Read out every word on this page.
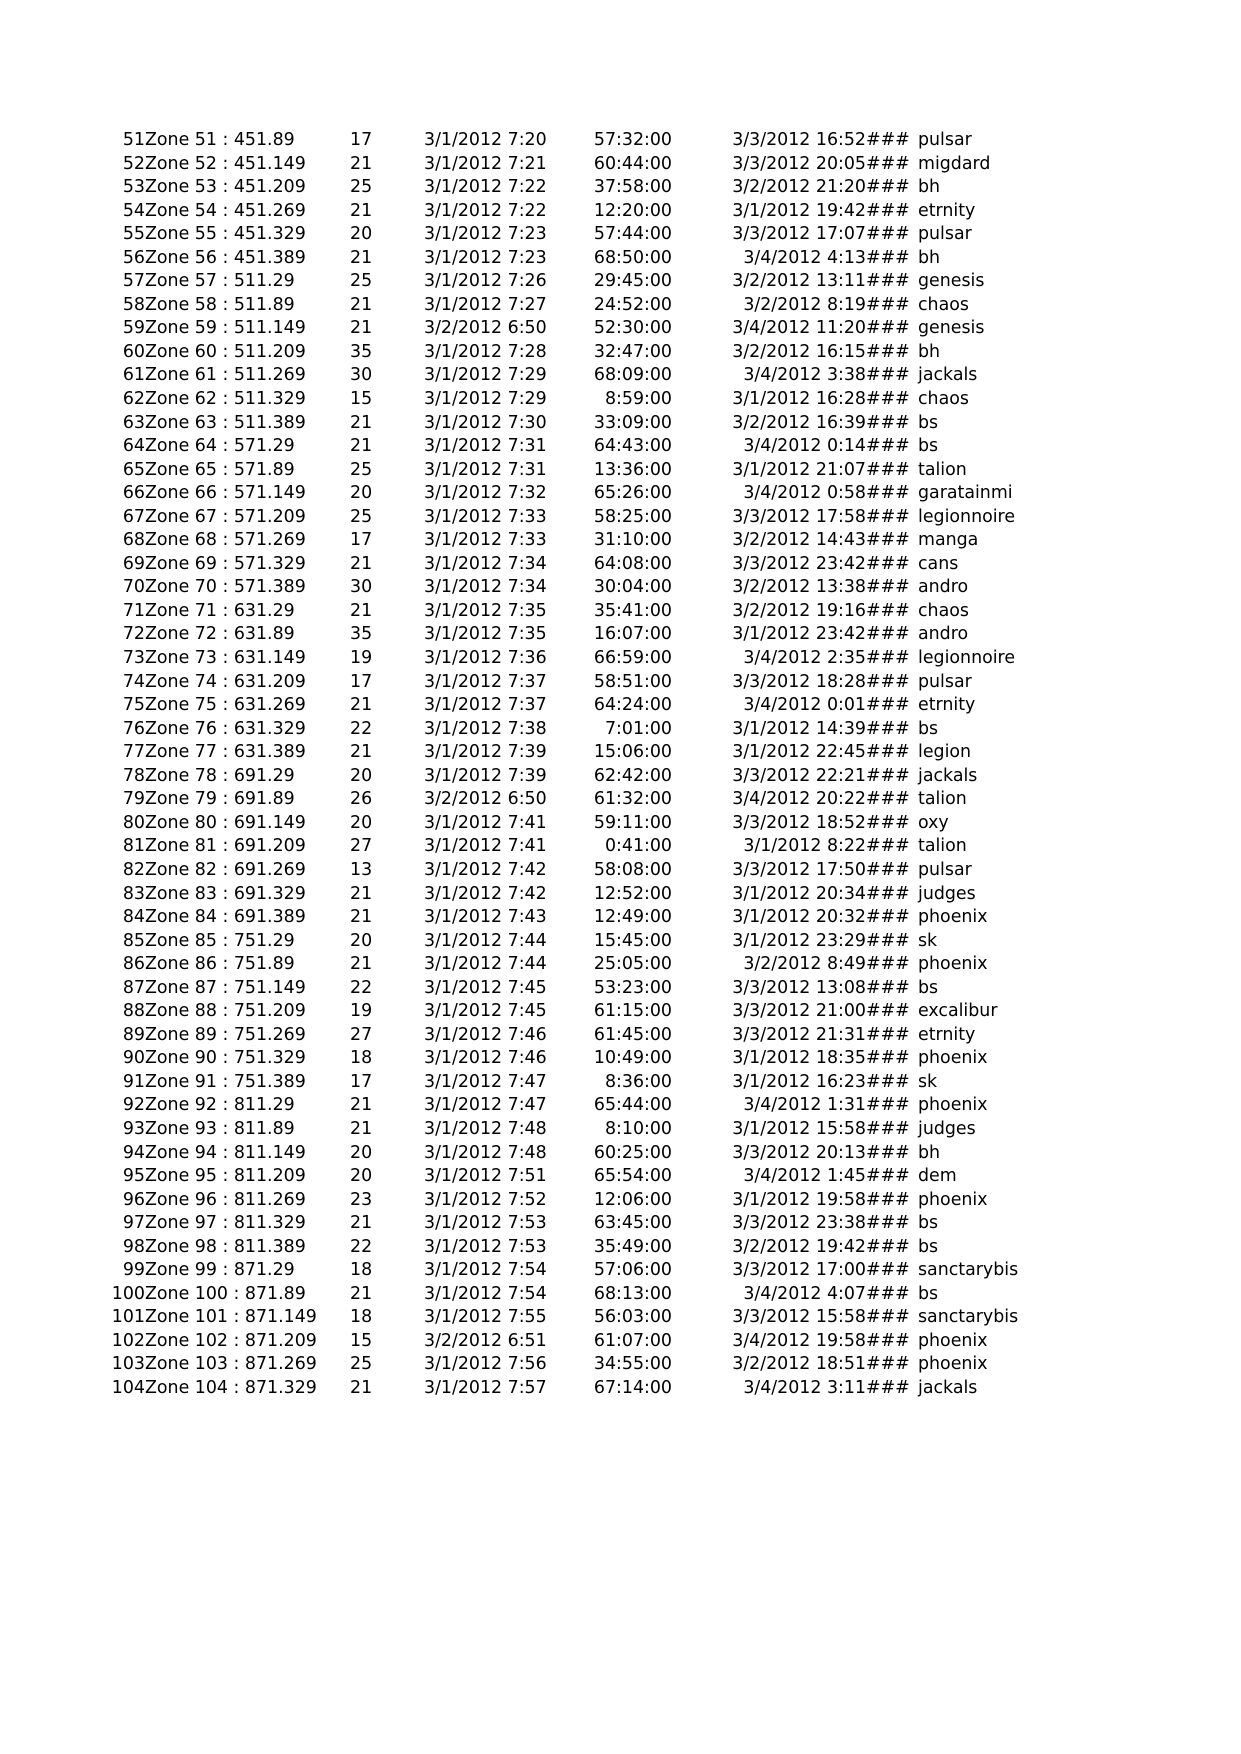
51	Zone 51 : 451.89	17	3/1/2012 7:20	57:32:00	3/3/2012 16:52	###	pulsar
52	Zone 52 : 451.149	21	3/1/2012 7:21	60:44:00	3/3/2012 20:05	###	migdard
53	Zone 53 : 451.209	25	3/1/2012 7:22	37:58:00	3/2/2012 21:20	###	bh
54	Zone 54 : 451.269	21	3/1/2012 7:22	12:20:00	3/1/2012 19:42	###	etrnity
55	Zone 55 : 451.329	20	3/1/2012 7:23	57:44:00	3/3/2012 17:07	###	pulsar
56	Zone 56 : 451.389	21	3/1/2012 7:23	68:50:00	3/4/2012 4:13	###	bh
57	Zone 57 : 511.29	25	3/1/2012 7:26	29:45:00	3/2/2012 13:11	###	genesis
58	Zone 58 : 511.89	21	3/1/2012 7:27	24:52:00	3/2/2012 8:19	###	chaos
59	Zone 59 : 511.149	21	3/2/2012 6:50	52:30:00	3/4/2012 11:20	###	genesis
60	Zone 60 : 511.209	35	3/1/2012 7:28	32:47:00	3/2/2012 16:15	###	bh
61	Zone 61 : 511.269	30	3/1/2012 7:29	68:09:00	3/4/2012 3:38	###	jackals
62	Zone 62 : 511.329	15	3/1/2012 7:29	8:59:00	3/1/2012 16:28	###	chaos
63	Zone 63 : 511.389	21	3/1/2012 7:30	33:09:00	3/2/2012 16:39	###	bs
64	Zone 64 : 571.29	21	3/1/2012 7:31	64:43:00	3/4/2012 0:14	###	bs
65	Zone 65 : 571.89	25	3/1/2012 7:31	13:36:00	3/1/2012 21:07	###	talion
66	Zone 66 : 571.149	20	3/1/2012 7:32	65:26:00	3/4/2012 0:58	###	garatainmi
67	Zone 67 : 571.209	25	3/1/2012 7:33	58:25:00	3/3/2012 17:58	###	legionnoire
68	Zone 68 : 571.269	17	3/1/2012 7:33	31:10:00	3/2/2012 14:43	###	manga
69	Zone 69 : 571.329	21	3/1/2012 7:34	64:08:00	3/3/2012 23:42	###	cans
70	Zone 70 : 571.389	30	3/1/2012 7:34	30:04:00	3/2/2012 13:38	###	andro
71	Zone 71 : 631.29	21	3/1/2012 7:35	35:41:00	3/2/2012 19:16	###	chaos
72	Zone 72 : 631.89	35	3/1/2012 7:35	16:07:00	3/1/2012 23:42	###	andro
73	Zone 73 : 631.149	19	3/1/2012 7:36	66:59:00	3/4/2012 2:35	###	legionnoire
74	Zone 74 : 631.209	17	3/1/2012 7:37	58:51:00	3/3/2012 18:28	###	pulsar
75	Zone 75 : 631.269	21	3/1/2012 7:37	64:24:00	3/4/2012 0:01	###	etrnity
76	Zone 76 : 631.329	22	3/1/2012 7:38	7:01:00	3/1/2012 14:39	###	bs
77	Zone 77 : 631.389	21	3/1/2012 7:39	15:06:00	3/1/2012 22:45	###	legion
78	Zone 78 : 691.29	20	3/1/2012 7:39	62:42:00	3/3/2012 22:21	###	jackals
79	Zone 79 : 691.89	26	3/2/2012 6:50	61:32:00	3/4/2012 20:22	###	talion
80	Zone 80 : 691.149	20	3/1/2012 7:41	59:11:00	3/3/2012 18:52	###	oxy
81	Zone 81 : 691.209	27	3/1/2012 7:41	0:41:00	3/1/2012 8:22	###	talion
82	Zone 82 : 691.269	13	3/1/2012 7:42	58:08:00	3/3/2012 17:50	###	pulsar
83	Zone 83 : 691.329	21	3/1/2012 7:42	12:52:00	3/1/2012 20:34	###	judges
84	Zone 84 : 691.389	21	3/1/2012 7:43	12:49:00	3/1/2012 20:32	###	phoenix
85	Zone 85 : 751.29	20	3/1/2012 7:44	15:45:00	3/1/2012 23:29	###	sk
86	Zone 86 : 751.89	21	3/1/2012 7:44	25:05:00	3/2/2012 8:49	###	phoenix
87	Zone 87 : 751.149	22	3/1/2012 7:45	53:23:00	3/3/2012 13:08	###	bs
88	Zone 88 : 751.209	19	3/1/2012 7:45	61:15:00	3/3/2012 21:00	###	excalibur
89	Zone 89 : 751.269	27	3/1/2012 7:46	61:45:00	3/3/2012 21:31	###	etrnity
90	Zone 90 : 751.329	18	3/1/2012 7:46	10:49:00	3/1/2012 18:35	###	phoenix
91	Zone 91 : 751.389	17	3/1/2012 7:47	8:36:00	3/1/2012 16:23	###	sk
92	Zone 92 : 811.29	21	3/1/2012 7:47	65:44:00	3/4/2012 1:31	###	phoenix
93	Zone 93 : 811.89	21	3/1/2012 7:48	8:10:00	3/1/2012 15:58	###	judges
94	Zone 94 : 811.149	20	3/1/2012 7:48	60:25:00	3/3/2012 20:13	###	bh
95	Zone 95 : 811.209	20	3/1/2012 7:51	65:54:00	3/4/2012 1:45	###	dem
96	Zone 96 : 811.269	23	3/1/2012 7:52	12:06:00	3/1/2012 19:58	###	phoenix
97	Zone 97 : 811.329	21	3/1/2012 7:53	63:45:00	3/3/2012 23:38	###	bs
98	Zone 98 : 811.389	22	3/1/2012 7:53	35:49:00	3/2/2012 19:42	###	bs
99	Zone 99 : 871.29	18	3/1/2012 7:54	57:06:00	3/3/2012 17:00	###	sanctarybis
100	Zone 100 : 871.89	21	3/1/2012 7:54	68:13:00	3/4/2012 4:07	###	bs
101	Zone 101 : 871.149	18	3/1/2012 7:55	56:03:00	3/3/2012 15:58	###	sanctarybis
102	Zone 102 : 871.209	15	3/2/2012 6:51	61:07:00	3/4/2012 19:58	###	phoenix
103	Zone 103 : 871.269	25	3/1/2012 7:56	34:55:00	3/2/2012 18:51	###	phoenix
104	Zone 104 : 871.329	21	3/1/2012 7:57	67:14:00	3/4/2012 3:11	###	jackals
